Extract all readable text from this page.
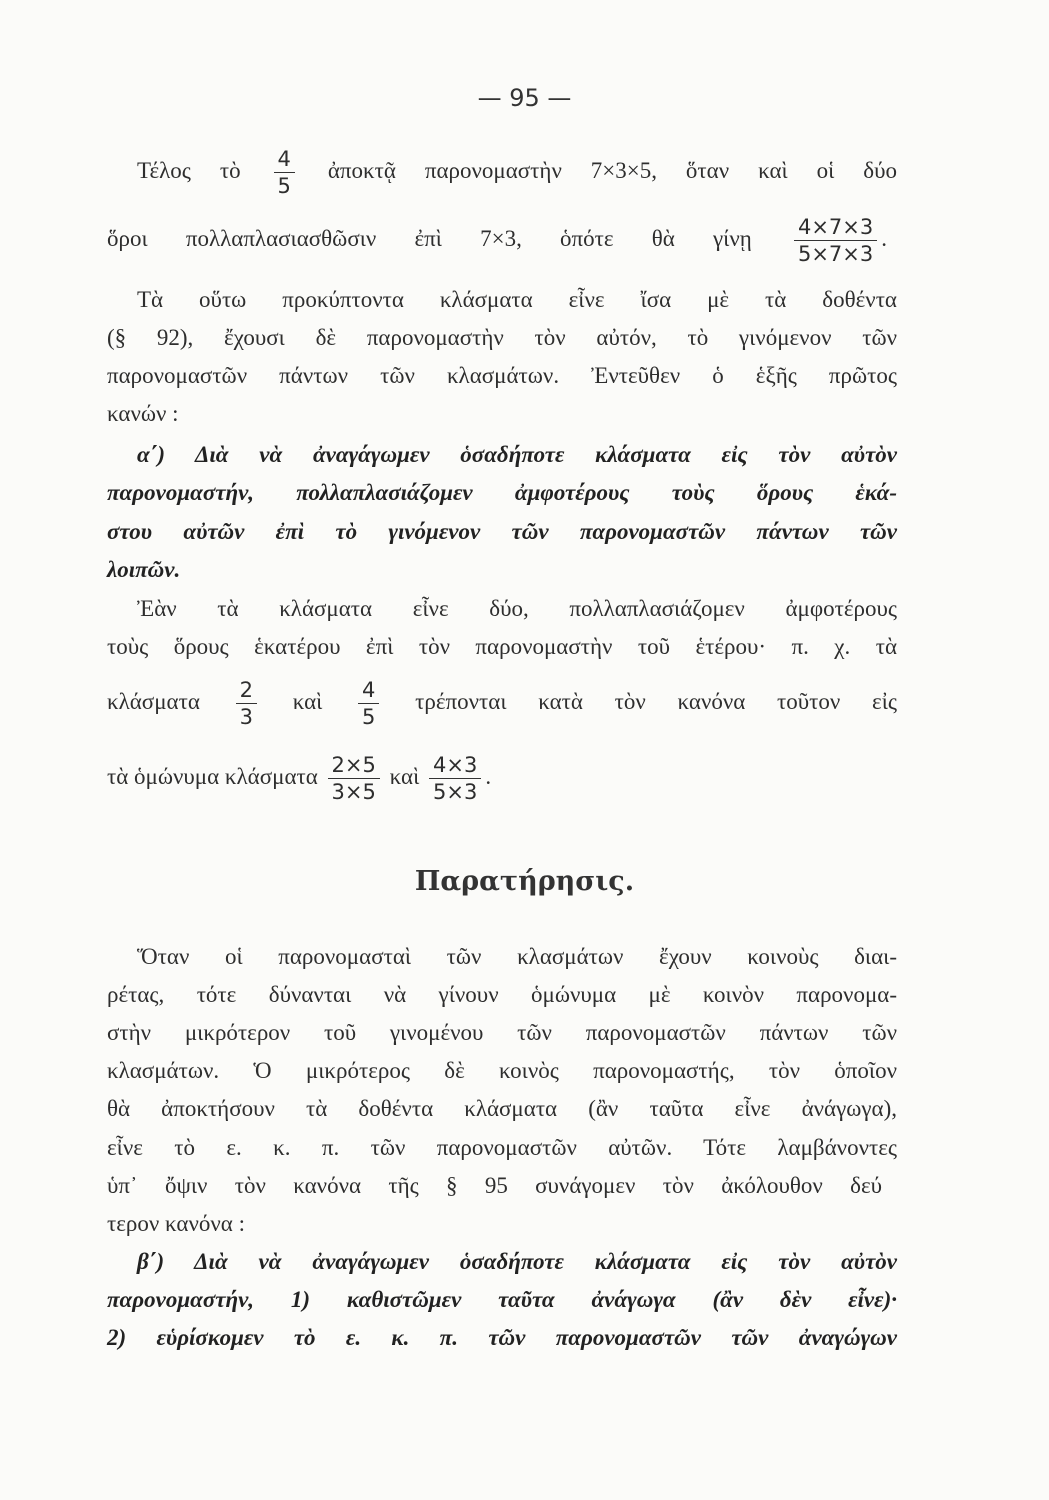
— 95 —
Τέλος τὸ $\frac{4}{5}$ ἀποκτᾷ παρονομαστὴν 7×3×5, ὅταν καὶ οἱ δύο
ὅροι πολλαπλασιασθῶσιν ἐπὶ 7×3, ὁπότε θὰ γίνῃ $\frac{4\times 7\times 3}{5\times 7\times 3}$ .
Τὰ οὕτω προκύπτοντα κλάσματα εἶνε ἴσα μὲ τὰ δοθέντα
(§ 92), ἔχουσι δὲ παρονομαστὴν τὸν αὐτόν, τὸ γινόμενον τῶν
παρονομαστῶν πάντων τῶν κλασμάτων. Ἐντεῦθεν ὁ ἑξῆς πρῶτος
κανών :
α΄) Διὰ νὰ ἀναγάγωμεν ὁσαδήποτε κλάσματα εἰς τὸν αὐτὸν
παρονομαστήν, πολλαπλασιάζομεν ἀμφοτέρους τοὺς ὅρους ἑκά-
στου αὐτῶν ἐπὶ τὸ γινόμενον τῶν παρονομαστῶν πάντων τῶν
λοιπῶν.
Ἐὰν τὰ κλάσματα εἶνε δύο, πολλαπλασιάζομεν ἀμφοτέρους
τοὺς ὅρους ἑκατέρου ἐπὶ τὸν παρονομαστὴν τοῦ ἑτέρου· π. χ. τὰ
κλάσματα $\frac{2}{3}$ καὶ $\frac{4}{5}$ τρέπονται κατὰ τὸν κανόνα τοῦτον εἰς
τὰ ὁμώνυμα κλάσματα $\frac{2\times 5}{3\times 5}$ καὶ $\frac{4\times 3}{5\times 3}$ .
Παρατήρησις.
Ὅταν οἱ παρονομασταὶ τῶν κλασμάτων ἔχουν κοινοὺς διαι-
ρέτας, τότε δύνανται νὰ γίνουν ὁμώνυμα μὲ κοινὸν παρονομα-
στὴν μικρότερον τοῦ γινομένου τῶν παρονομαστῶν πάντων τῶν
κλασμάτων. Ὁ μικρότερος δὲ κοινὸς παρονομαστής, τὸν ὁποῖον
θὰ ἀποκτήσουν τὰ δοθέντα κλάσματα (ἂν ταῦτα εἶνε ἀνάγωγα),
εἶνε τὸ ε. κ. π. τῶν παρονομαστῶν αὐτῶν. Τότε λαμβάνοντες
ὑπ᾽ ὄψιν τὸν κανόνα τῆς § 95 συνάγομεν τὸν ἀκόλουθον δεύ
τερον κανόνα :
β΄) Διὰ νὰ ἀναγάγωμεν ὁσαδήποτε κλάσματα εἰς τὸν αὐτὸν
παρονομαστήν, 1) καθιστῶμεν ταῦτα ἀνάγωγα (ἂν δὲν εἶνε)·
2) εὑρίσκομεν τὸ ε. κ. π. τῶν παρονομαστῶν τῶν ἀναγώγων
